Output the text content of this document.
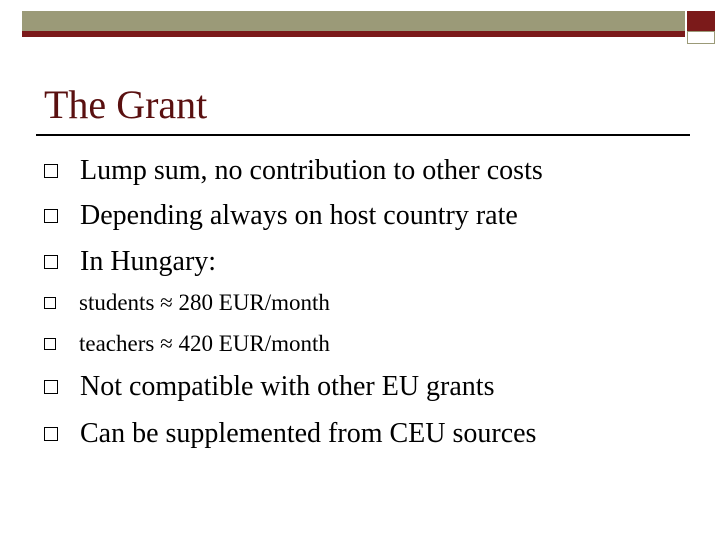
The Grant
Lump sum, no contribution to other costs
Depending always on host country rate
In Hungary:
students ≈ 280 EUR/month
teachers ≈ 420 EUR/month
Not compatible with other EU grants
Can be supplemented from CEU sources
